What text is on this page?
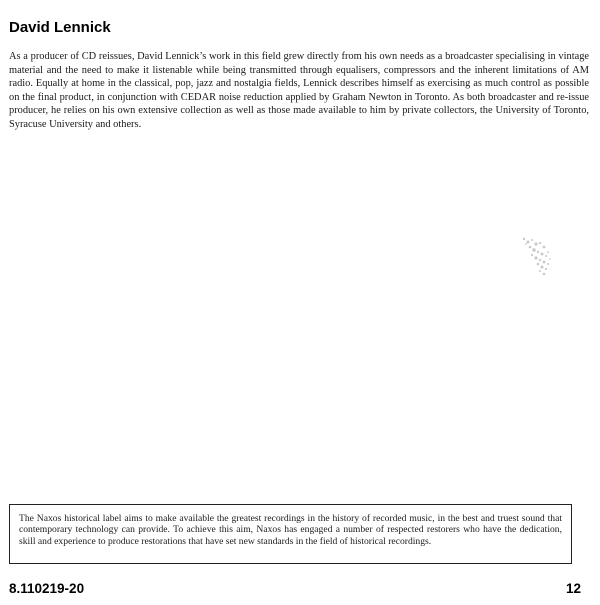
David Lennick

As a producer of CD reissues, David Lennick’s work in this field grew directly from his own needs as a broadcaster specialising in vintage material and the need to make it listenable while being transmitted through equalisers, compressors and the inherent limitations of AM radio. Equally at home in the classical, pop, jazz and nostalgia fields, Lennick describes himself as exercising as much control as possible on the final product, in conjunction with CEDAR noise reduction applied by Graham Newton in Toronto. As both broadcaster and re-issue producer, he relies on his own extensive collection as well as those made available to him by private collectors, the University of Toronto, Syracuse University and others.

The Naxos historical label aims to make available the greatest recordings in the history of recorded music, in the best and truest sound that contemporary technology can provide. To achieve this aim, Naxos has engaged a number of respected restorers who have the dedication, skill and experience to produce restorations that have set new standards in the field of historical recordings.

8.110219-20	12
